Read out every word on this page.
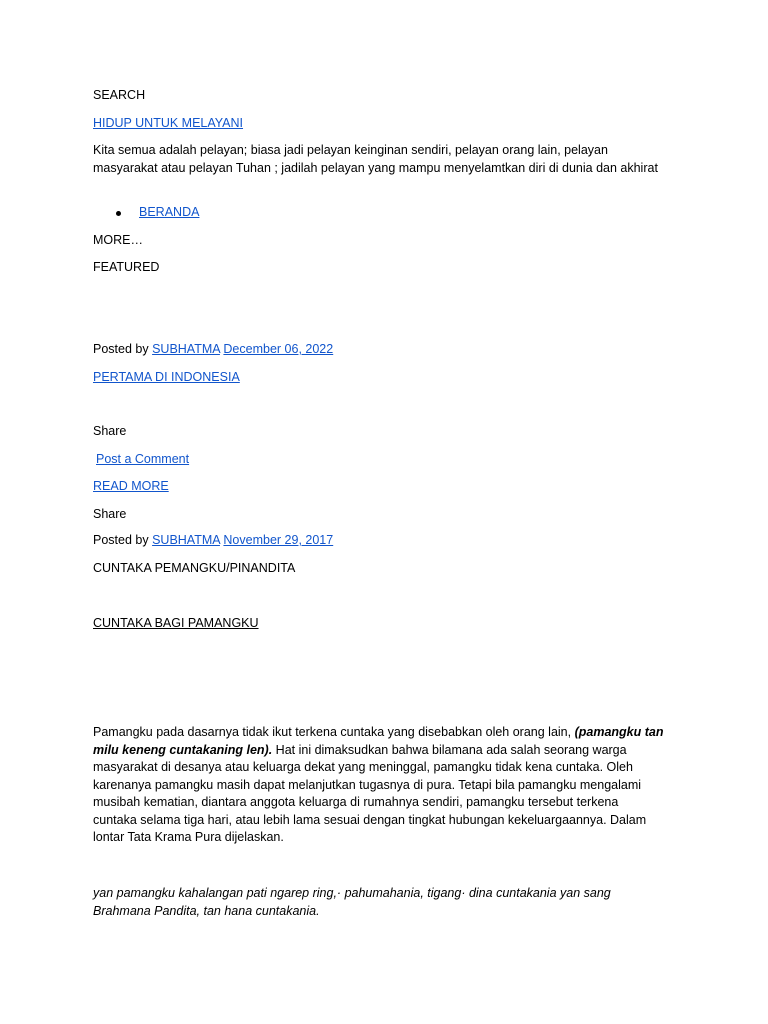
SEARCH
HIDUP UNTUK MELAYANI
Kita semua adalah pelayan; biasa jadi pelayan keinginan sendiri, pelayan orang lain, pelayan masyarakat atau pelayan Tuhan ; jadilah pelayan yang mampu menyelamtkan diri di dunia dan akhirat
BERANDA
MORE…
FEATURED
Posted by SUBHATMA December 06, 2022
PERTAMA DI INDONESIA
Share
Post a Comment
READ MORE
Share
Posted by SUBHATMA November 29, 2017
CUNTAKA PEMANGKU/PINANDITA
CUNTAKA BAGI PAMANGKU
Pamangku pada dasarnya tidak ikut terkena cuntaka yang disebabkan oleh orang lain, (pamangku tan milu keneng cuntakaning len). Hat ini dimaksudkan bahwa bilamana ada salah seorang warga masyarakat di desanya atau keluarga dekat yang meninggal, pamangku tidak kena cuntaka. Oleh karenanya pamangku masih dapat melanjutkan tugasnya di pura. Tetapi bila pamangku mengalami musibah kematian, diantara anggota keluarga di rumahnya sendiri, pamangku tersebut terkena cuntaka selama tiga hari, atau lebih lama sesuai dengan tingkat hubungan kekeluargaannya. Dalam lontar Tata Krama Pura dijelaskan.
yan pamangku kahalangan pati ngarep ring,· pahumahania, tigang· dina cuntakania yan sang Brahmana Pandita, tan hana cuntakania.
